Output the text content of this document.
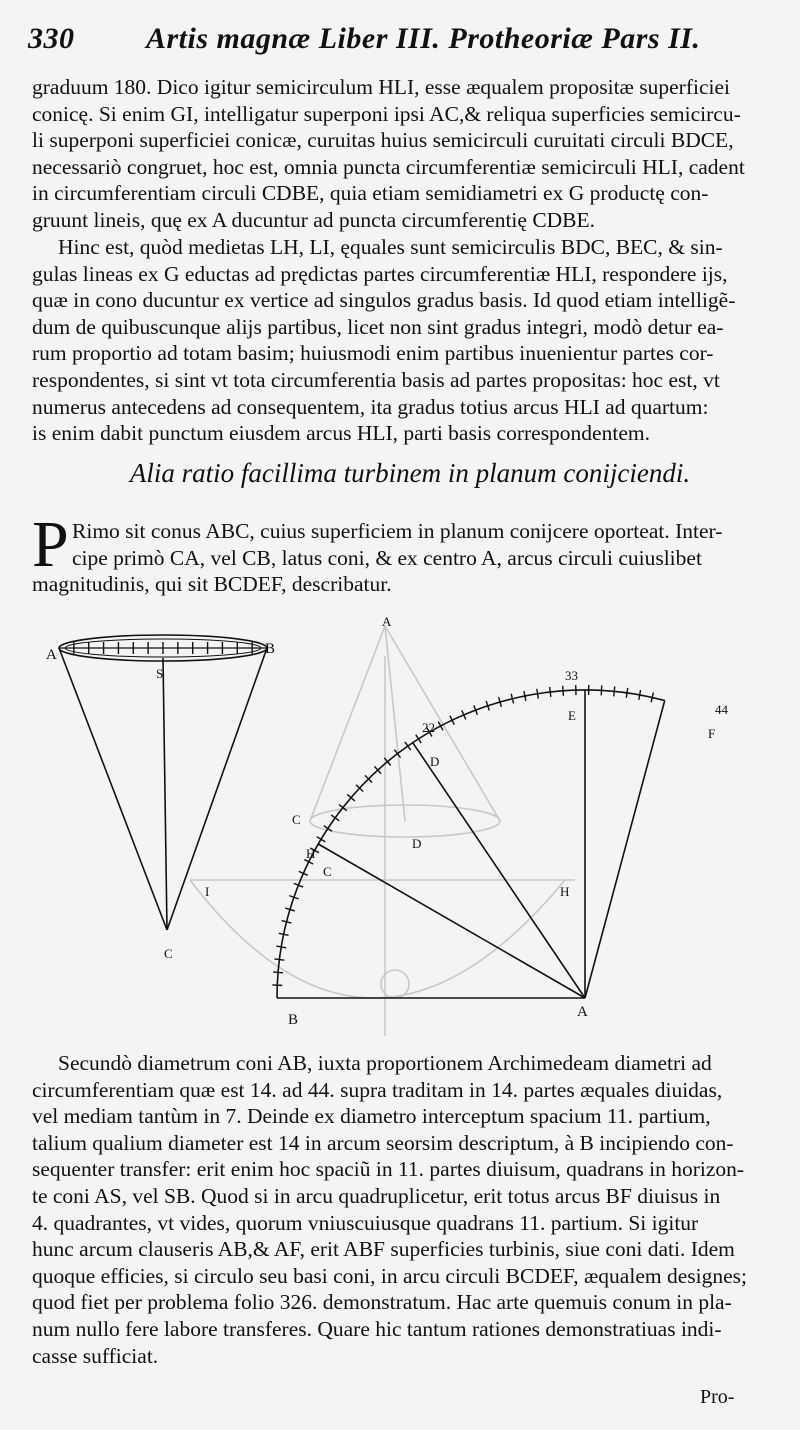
330 Artis magnæ Liber III. Protheoriæ Pars II.
graduum 180. Dico igitur semicirculum HLI, esse æqualem propositæ superficiei
conicę. Si enim GI, intelligatur superponi ipsi AC,& reliqua superficies semicircu-
li superponi superficiei conicæ, curuitas huius semicirculi curuitati circuli BDCE,
necessariò congruet, hoc est, omnia puncta circumferentiæ semicirculi HLI, cadent
in circumferentiam circuli CDBE, quia etiam semidiametri ex G productę con-
gruunt lineis, quę ex A ducuntur ad puncta circumferentię CDBE.
Hinc est, quòd medietas LH, LI, ęquales sunt semicirculis BDC, BEC, & sin-
gulas lineas ex G eductas ad prędictas partes circumferentiæ HLI, respondere ijs,
quæ in cono ducuntur ex vertice ad singulos gradus basis. Id quod etiam intelligẽ-
dum de quibuscunque alijs partibus, licet non sint gradus integri, modò detur ea-
rum proportio ad totam basim; huiusmodi enim partibus inuenientur partes cor-
respondentes, si sint vt tota circumferentia basis ad partes propositas: hoc est, vt
numerus antecedens ad consequentem, ita gradus totius arcus HLI ad quartum:
is enim dabit punctum eiusdem arcus HLI, parti basis correspondentem.
Alia ratio facillima turbinem in planum conijciendi.
P Rimo sit conus ABC, cuius superficiem in planum conijcere oporteat. Inter-
cipe primò CA, vel CB, latus coni, & ex centro A, arcus circuli cuiuslibet
magnitudinis, qui sit BCDEF, describatur.
A
C
D
I	H
A	B
S
C
A
B
C
D
E
F
H
22
33
44
Secundò diametrum coni AB, iuxta proportionem Archimedeam diametri ad
circumferentiam quæ est 14. ad 44. supra traditam in 14. partes æquales diuidas,
vel mediam tantùm in 7. Deinde ex diametro interceptum spacium 11. partium,
talium qualium diameter est 14 in arcum seorsim descriptum, à B incipiendo con-
sequenter transfer: erit enim hoc spaciũ in 11. partes diuisum, quadrans in horizon-
te coni AS, vel SB. Quod si in arcu quadruplicetur, erit totus arcus BF diuisus in
4. quadrantes, vt vides, quorum vniuscuiusque quadrans 11. partium. Si igitur
hunc arcum clauseris AB,& AF, erit ABF superficies turbinis, siue coni dati. Idem
quoque efficies, si circulo seu basi coni, in arcu circuli BCDEF, æqualem designes;
quod fiet per problema folio 326. demonstratum. Hac arte quemuis conum in pla-
num nullo fere labore transferes. Quare hic tantum rationes demonstratiuas indi-
casse sufficiat.
Pro-
